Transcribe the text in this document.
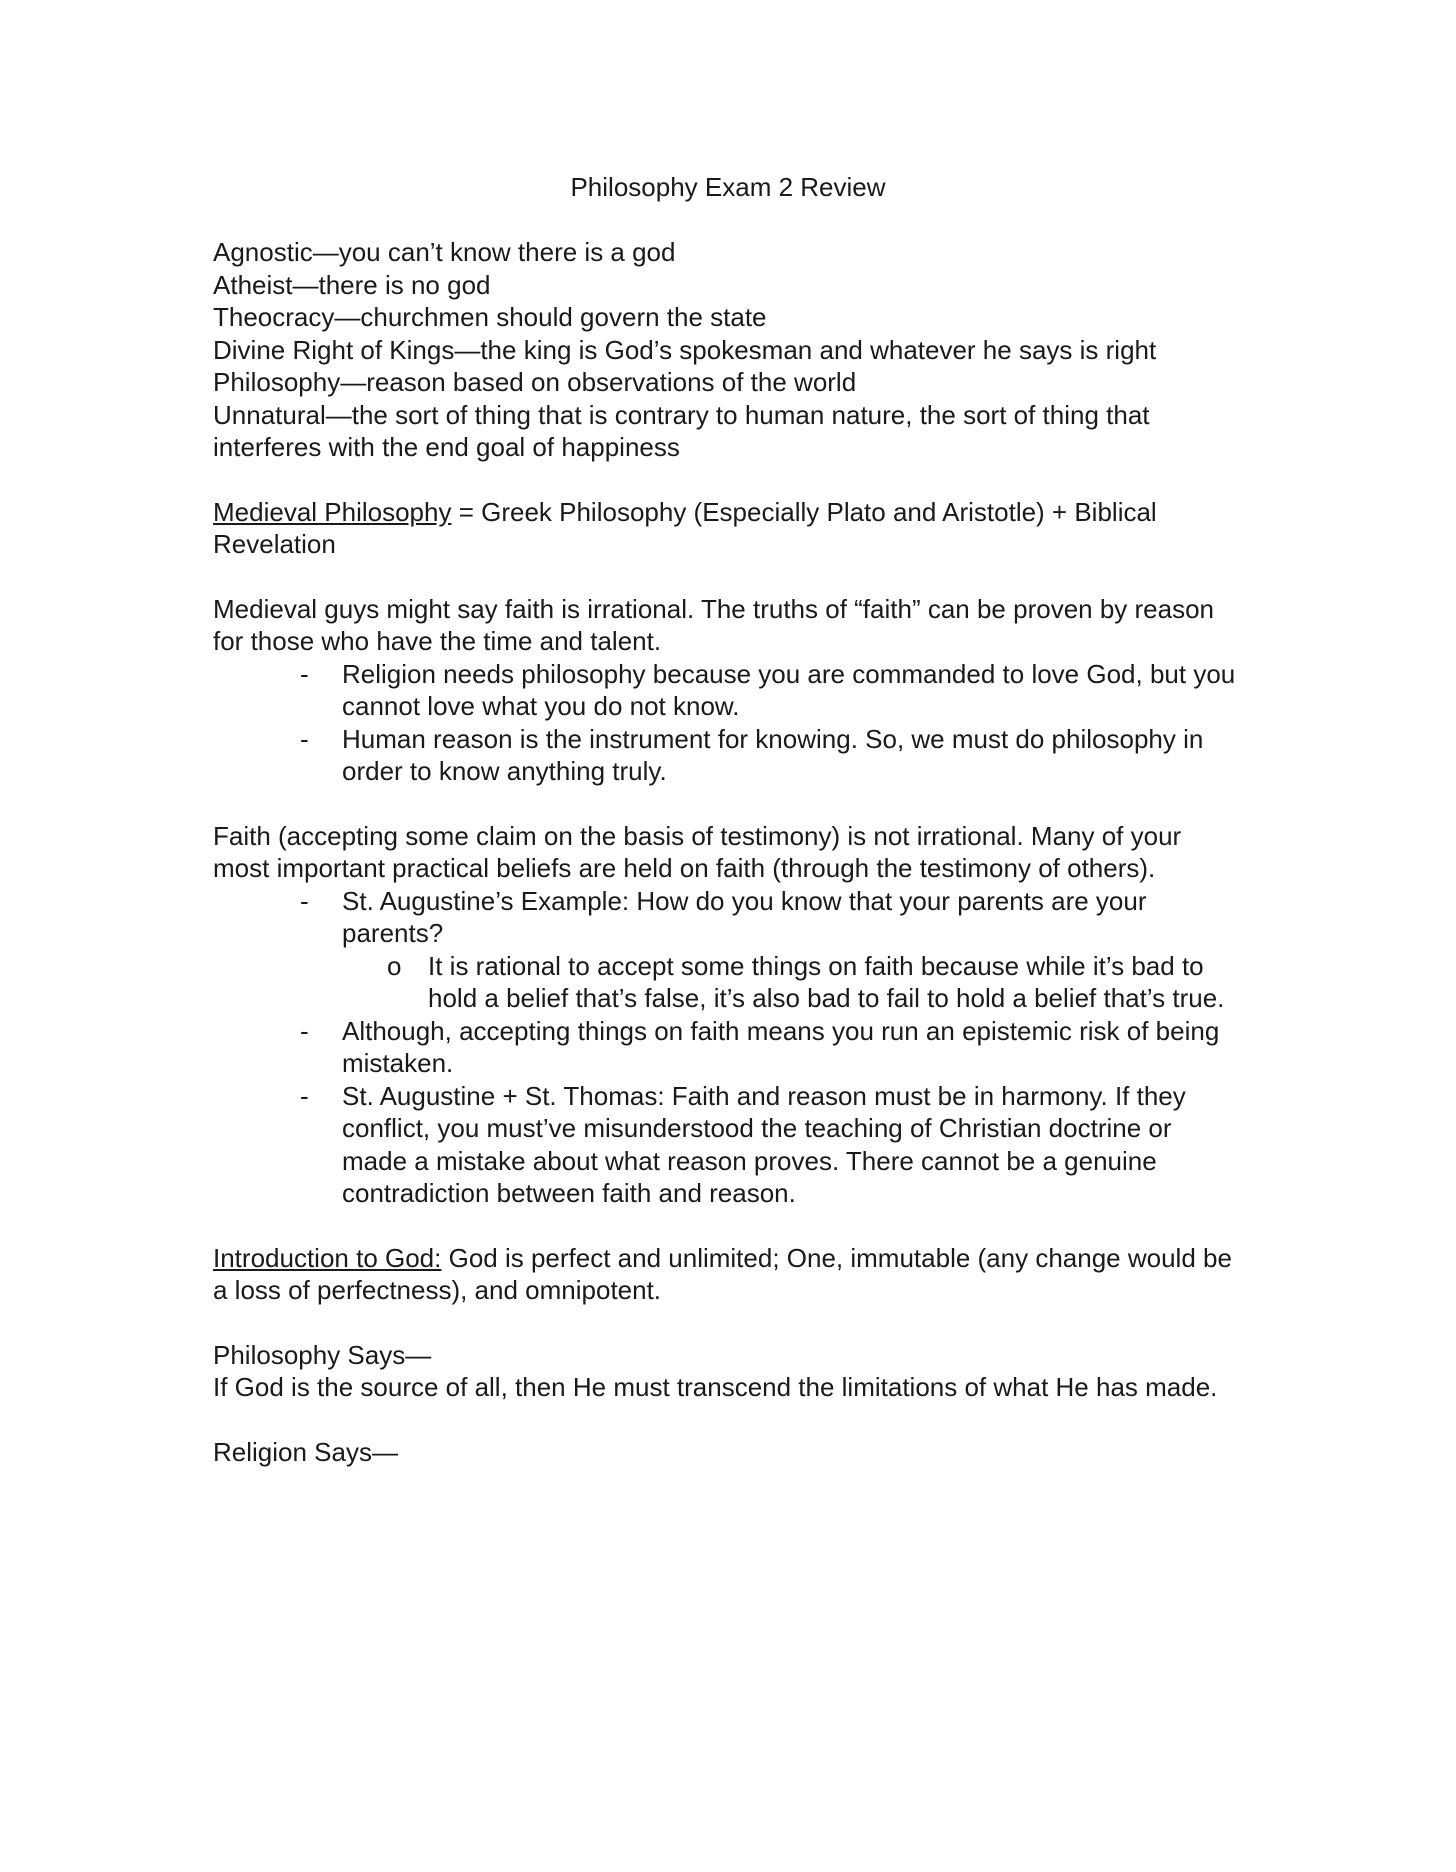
Philosophy Exam 2 Review

Agnostic—you can’t know there is a god

Atheist—there is no god

Theocracy—churchmen should govern the state

Divine Right of Kings—the king is God’s spokesman and whatever he says is right

Philosophy—reason based on observations of the world

Unnatural—the sort of thing that is contrary to human nature, the sort of thing that interferes with the end goal of happiness

Medieval Philosophy = Greek Philosophy (Especially Plato and Aristotle) + Biblical Revelation

Medieval guys might say faith is irrational. The truths of “faith” can be proven by reason for those who have the time and talent.

- Religion needs philosophy because you are commanded to love God, but you cannot love what you do not know.
- Human reason is the instrument for knowing. So, we must do philosophy in order to know anything truly.

Faith (accepting some claim on the basis of testimony) is not irrational. Many of your most important practical beliefs are held on faith (through the testimony of others).

- St. Augustine’s Example: How do you know that your parents are your parents?
o It is rational to accept some things on faith because while it’s bad to hold a belief that’s false, it’s also bad to fail to hold a belief that’s true.
- Although, accepting things on faith means you run an epistemic risk of being mistaken.
- St. Augustine + St. Thomas: Faith and reason must be in harmony. If they conflict, you must’ve misunderstood the teaching of Christian doctrine or made a mistake about what reason proves. There cannot be a genuine contradiction between faith and reason.

Introduction to God: God is perfect and unlimited; One, immutable (any change would be a loss of perfectness), and omnipotent.

Philosophy Says—

If God is the source of all, then He must transcend the limitations of what He has made.

Religion Says—
